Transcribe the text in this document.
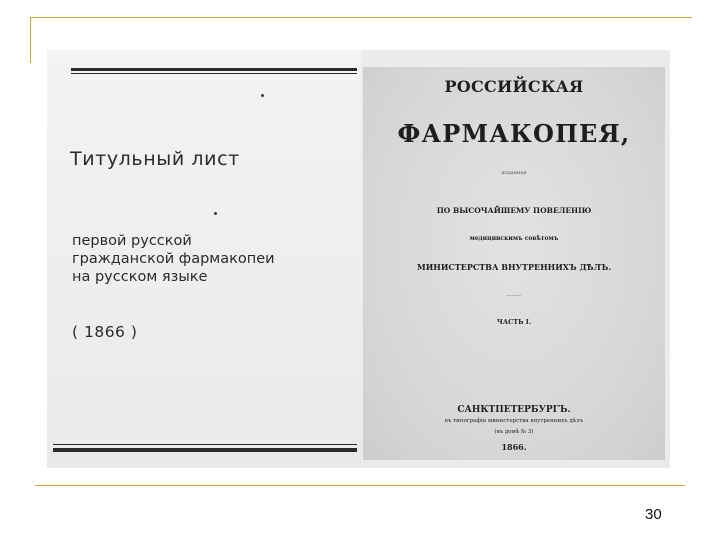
Титульный лист
первой русской
гражданской фармакопеи
на русском языке
( 1866 )
РОССИЙСКАЯ
ФАРМАКОПЕЯ,
изданная
ПО ВЫСОЧАЙШЕМУ ПОВЕЛЕНІЮ
медицинскимъ совѣтомъ
МИНИСТЕРСТВА ВНУТРЕННИХЪ ДѢЛЪ.
———
ЧАСТЬ I.
САНКТПЕТЕРБУРГЪ.
въ типографіи министерства внутреннихъ дѣлъ
(въ домѣ № 3)
1866.
30
